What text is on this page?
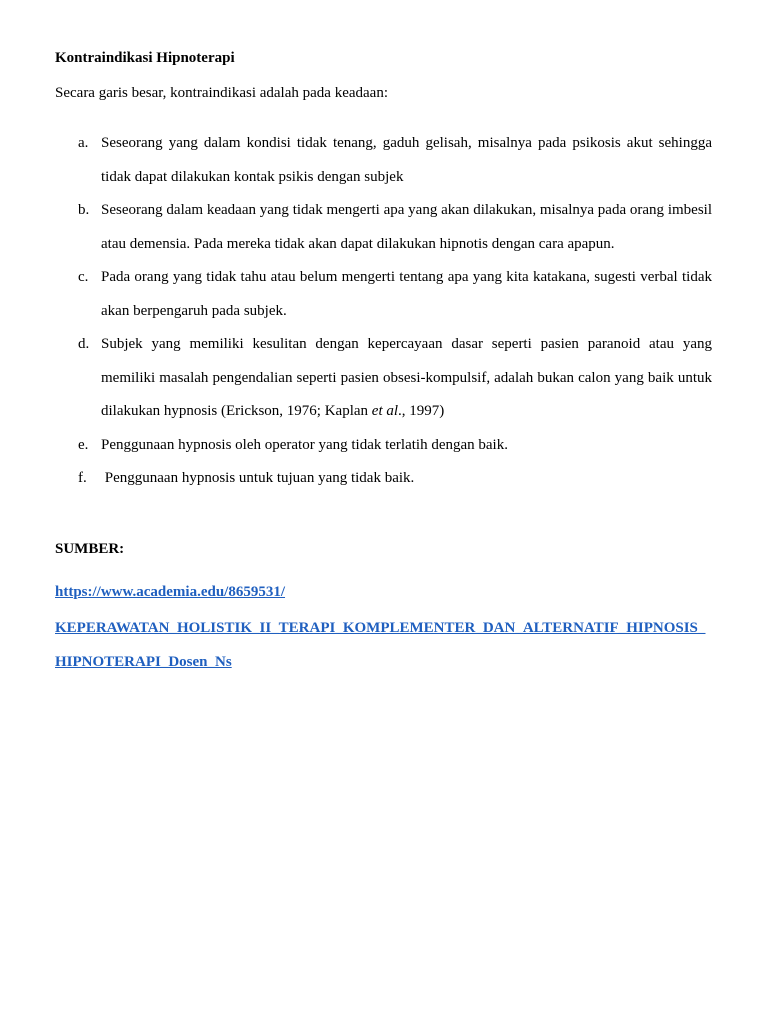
Kontraindikasi Hipnoterapi
Secara garis besar, kontraindikasi adalah pada keadaan:
a. Seseorang yang dalam kondisi tidak tenang, gaduh gelisah, misalnya pada psikosis akut sehingga tidak dapat dilakukan kontak psikis dengan subjek
b. Seseorang dalam keadaan yang tidak mengerti apa yang akan dilakukan, misalnya pada orang imbesil atau demensia. Pada mereka tidak akan dapat dilakukan hipnotis dengan cara apapun.
c. Pada orang yang tidak tahu atau belum mengerti tentang apa yang kita katakana, sugesti verbal tidak akan berpengaruh pada subjek.
d. Subjek yang memiliki kesulitan dengan kepercayaan dasar seperti pasien paranoid atau yang memiliki masalah pengendalian seperti pasien obsesi-kompulsif, adalah bukan calon yang baik untuk dilakukan hypnosis (Erickson, 1976; Kaplan et al., 1997)
e. Penggunaan hypnosis oleh operator yang tidak terlatih dengan baik.
f. Penggunaan hypnosis untuk tujuan yang tidak baik.
SUMBER:
https://www.academia.edu/8659531/
KEPERAWATAN_HOLISTIK_II_TERAPI_KOMPLEMENTER_DAN_ALTERNATIF_HIPNOSIS_HIPNOTERAPI_Dosen_Ns
